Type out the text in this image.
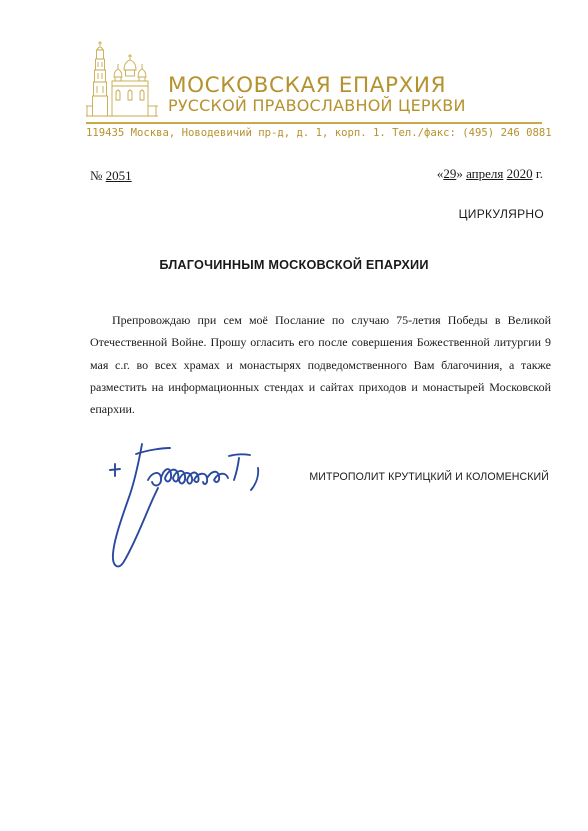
МОСКОВСКАЯ ЕПАРХИЯ
РУССКОЙ ПРАВОСЛАВНОЙ ЦЕРКВИ
119435 Москва, Новодевичий пр-д, д. 1, корп. 1. Тел./факс: (495) 246 0881
№ 2051	«29» апреля 2020 г.
ЦИРКУЛЯРНО
БЛАГОЧИННЫМ МОСКОВСКОЙ ЕПАРХИИ

Препровождаю при сем моё Послание по случаю 75-летия Победы в Великой Отечественной Войне. Прошу огласить его после совершения Божественной литургии 9 мая с.г. во всех храмах и монастырях подведомственного Вам благочиния, а также разместить на информационных стендах и сайтах приходов и монастырей Московской епархии.

МИТРОПОЛИТ КРУТИЦКИЙ И КОЛОМЕНСКИЙ
